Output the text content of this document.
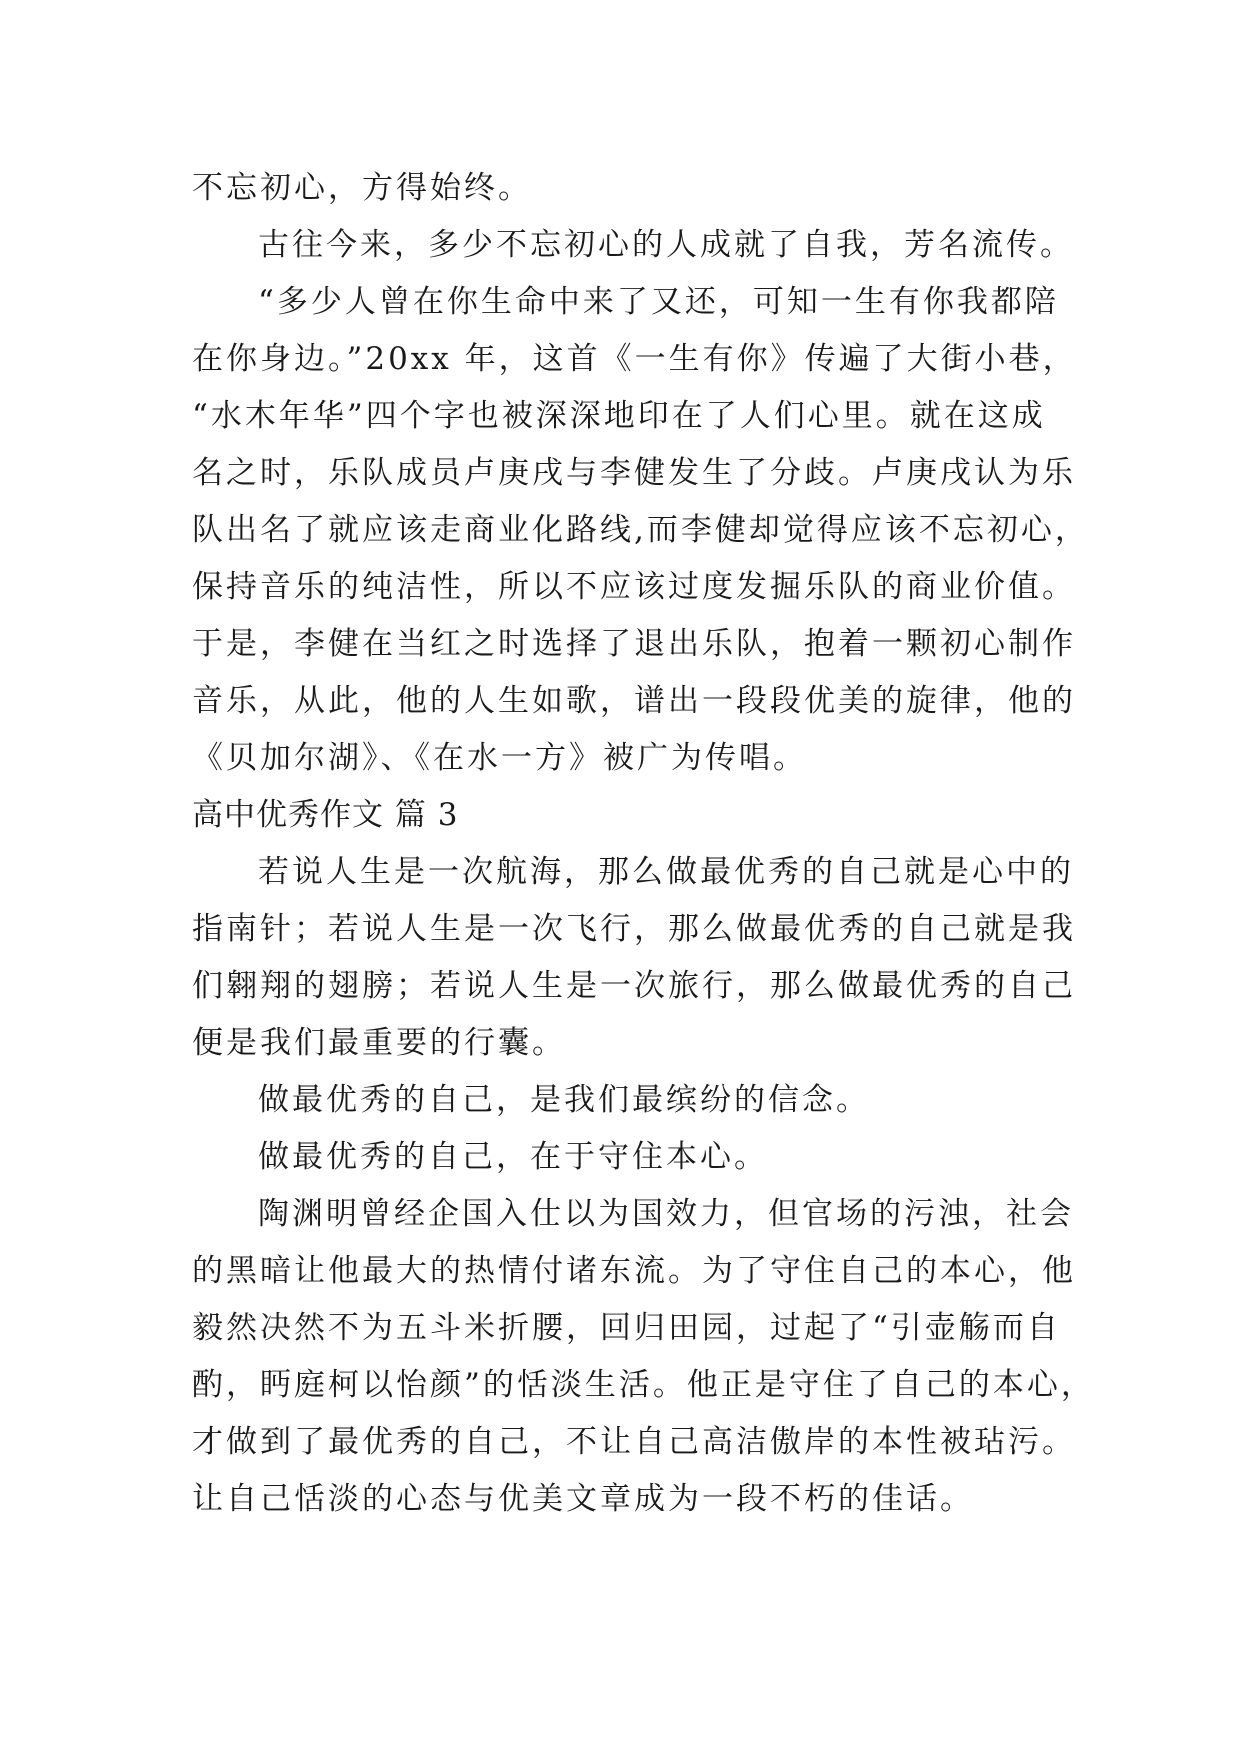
不忘初心，方得始终。
古往今来，多少不忘初心的人成就了自我，芳名流传。
“多少人曾在你生命中来了又还，可知一生有你我都陪
在你身边。”20xx 年，这首《一生有你》传遍了大街小巷，
“水木年华”四个字也被深深地印在了人们心里。就在这成
名之时，乐队成员卢庚戌与李健发生了分歧。卢庚戌认为乐
队出名了就应该走商业化路线,而李健却觉得应该不忘初心，
保持音乐的纯洁性，所以不应该过度发掘乐队的商业价值。
于是，李健在当红之时选择了退出乐队，抱着一颗初心制作
音乐，从此，他的人生如歌，谱出一段段优美的旋律，他的
《贝加尔湖》、《在水一方》被广为传唱。
高中优秀作文 篇 3
若说人生是一次航海，那么做最优秀的自己就是心中的
指南针；若说人生是一次飞行，那么做最优秀的自己就是我
们翱翔的翅膀；若说人生是一次旅行，那么做最优秀的自己
便是我们最重要的行囊。
做最优秀的自己，是我们最缤纷的信念。
做最优秀的自己，在于守住本心。
陶渊明曾经企国入仕以为国效力，但官场的污浊，社会
的黑暗让他最大的热情付诸东流。为了守住自己的本心，他
毅然决然不为五斗米折腰，回归田园，过起了“引壶觞而自
酌，眄庭柯以怡颜”的恬淡生活。他正是守住了自己的本心，
才做到了最优秀的自己，不让自己高洁傲岸的本性被玷污。
让自己恬淡的心态与优美文章成为一段不朽的佳话。
